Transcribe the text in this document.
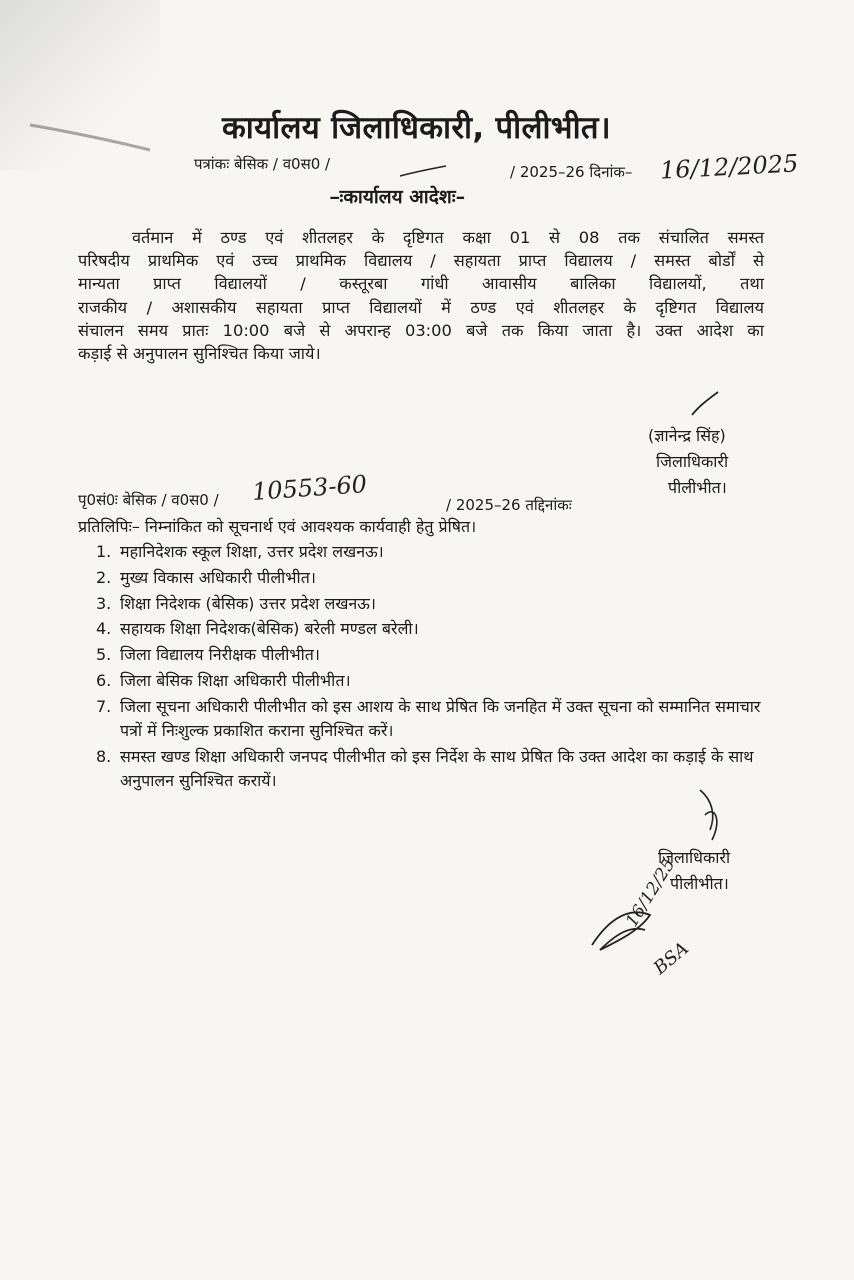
कार्यालय जिलाधिकारी, पीलीभीत।
पत्रांकः बेसिक / व0स0 /	/ 2025–26 दिनांक– 16/12/2025
–ःकार्यालय आदेशः–
वर्तमान में ठण्ड एवं शीतलहर के दृष्टिगत कक्षा 01 से 08 तक संचालित समस्त
परिषदीय प्राथमिक एवं उच्च प्राथमिक विद्यालय / सहायता प्राप्त विद्यालय / समस्त बोर्डों से
मान्यता प्राप्त विद्यालयों / कस्तूरबा गांधी आवासीय बालिका विद्यालयों, तथा
राजकीय / अशासकीय सहायता प्राप्त विद्यालयों में ठण्ड एवं शीतलहर के दृष्टिगत विद्यालय
संचालन समय प्रातः 10:00 बजे से अपरान्ह 03:00 बजे तक किया जाता है। उक्त आदेश का
कड़ाई से अनुपालन सुनिश्चित किया जाये।
(ज्ञानेन्द्र सिंह)
जिलाधिकारी
पीलीभीत।
पृ0सं0ः बेसिक / व0स0 / 10553-60	/ 2025–26 तद्दिनांकः
प्रतिलिपिः– निम्नांकित को सूचनार्थ एवं आवश्यक कार्यवाही हेतु प्रेषित।
1. महानिदेशक स्कूल शिक्षा, उत्तर प्रदेश लखनऊ।
2. मुख्य विकास अधिकारी पीलीभीत।
3. शिक्षा निदेशक (बेसिक) उत्तर प्रदेश लखनऊ।
4. सहायक शिक्षा निदेशक(बेसिक) बरेली मण्डल बरेली।
5. जिला विद्यालय निरीक्षक पीलीभीत।
6. जिला बेसिक शिक्षा अधिकारी पीलीभीत।
7. जिला सूचना अधिकारी पीलीभीत को इस आशय के साथ प्रेषित कि जनहित में उक्त सूचना को सम्मानित समाचार पत्रों में निःशुल्क प्रकाशित कराना सुनिश्चित करें।
8. समस्त खण्ड शिक्षा अधिकारी जनपद पीलीभीत को इस निर्देश के साथ प्रेषित कि उक्त आदेश का कड़ाई के साथ अनुपालन सुनिश्चित करायें।
जिलाधिकारी
पीलीभीत।
16/12/25
BSA
